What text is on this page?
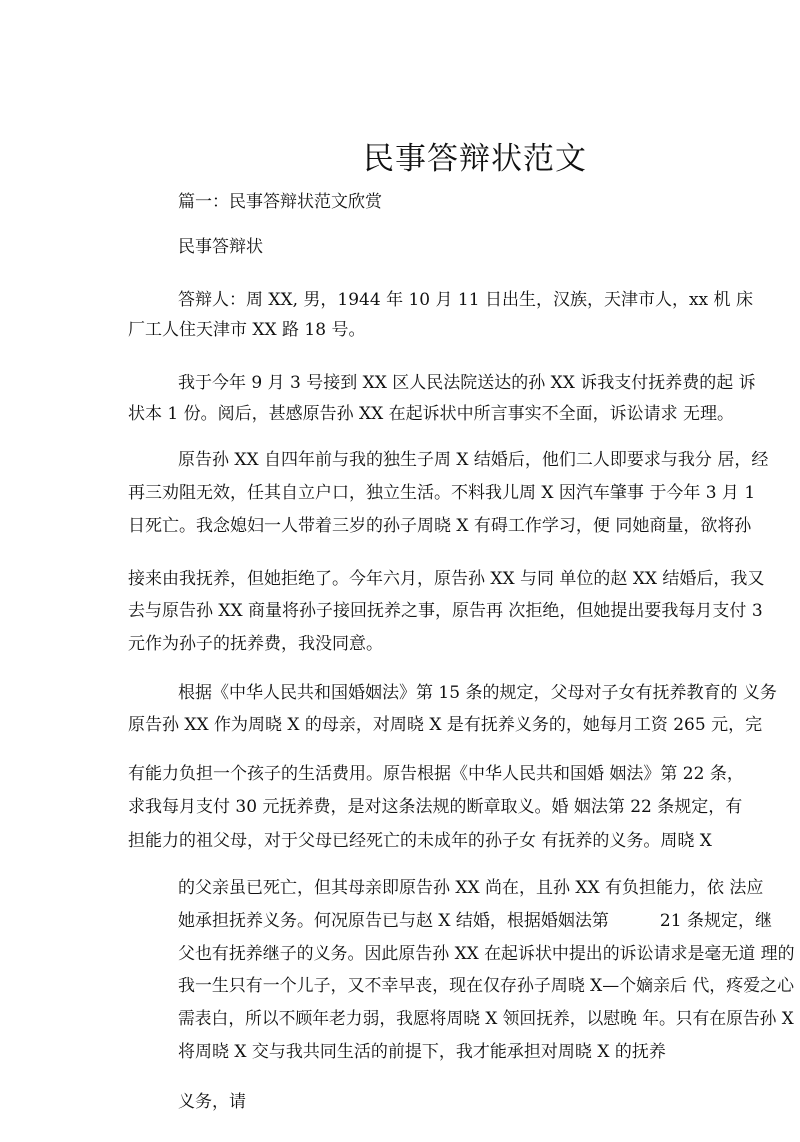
民事答辩状范文

篇一：民事答辩状范文欣赏

民事答辩状

答辩人：周 XX, 男，1944 年 10 月 11 日出生，汉族，天津市人，xx 机 床

厂工人住天津市 XX 路 18 号。

我于今年 9 月 3 号接到 XX 区人民法院送达的孙 XX 诉我支付抚养费的起 诉

状本 1 份。阅后，甚感原告孙 XX 在起诉状中所言事实不全面，诉讼请求 无理。

原告孙 XX 自四年前与我的独生子周 X 结婚后，他们二人即要求与我分 居，经

再三劝阻无效，任其自立户口，独立生活。不料我儿周 X 因汽车肇事 于今年 3 月 1

日死亡。我念媳妇一人带着三岁的孙子周晓 X 有碍工作学习，便 同她商量，欲将孙

接来由我抚养，但她拒绝了。今年六月，原告孙 XX 与同 单位的赵 XX 结婚后，我又

去与原告孙 XX 商量将孙子接回抚养之事，原告再 次拒绝，但她提出要我每月支付 3

元作为孙子的抚养费，我没同意。

根据《中华人民共和国婚姻法》第 15 条的规定，父母对子女有抚养教育的 义务

原告孙 XX 作为周晓 X 的母亲，对周晓 X 是有抚养义务的，她每月工资 265 元，完

有能力负担一个孩子的生活费用。原告根据《中华人民共和国婚 姻法》第 22 条，

求我每月支付 30 元抚养费，是对这条法规的断章取义。婚 姻法第 22 条规定，有

担能力的祖父母，对于父母已经死亡的未成年的孙子女 有抚养的义务。周晓 X

的父亲虽已死亡，但其母亲即原告孙 XX 尚在，且孙 XX 有负担能力，依 法应

她承担抚养义务。何况原告已与赵 X 结婚，根据婚姻法第　　　21 条规定，继

父也有抚养继子的义务。因此原告孙 XX 在起诉状中提出的诉讼请求是毫无道 理的

我一生只有一个儿子，又不幸早丧，现在仅存孙子周晓 X—个嫡亲后 代，疼爱之心

需表白，所以不顾年老力弱，我愿将周晓 X 领回抚养，以慰晚 年。只有在原告孙 X

将周晓 X 交与我共同生活的前提下，我才能承担对周晓 X 的抚养

义务，请
